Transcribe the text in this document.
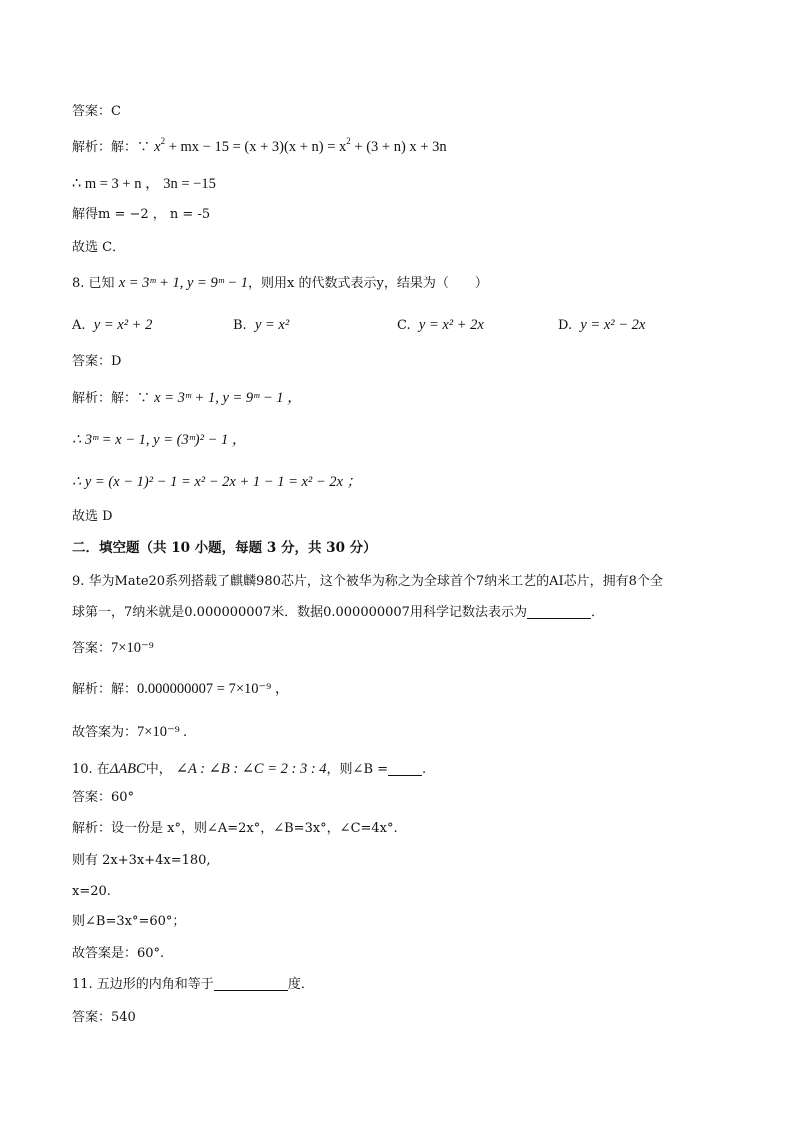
答案：C

解析：解：∵ $x^2$ + mx − $15 = (x + 3)(x + n) = x^2 + (3 + n) x + 3n$

∴ m = 3 + n ， 3n = −15

解得m = −2 ， n = -5

故选 C．

8. 已知 x = 3ᵐ + 1, y = 9ᵐ − 1，则用x 的代数式表示y，结果为（　　）

A. y = x² + 2	B. y = x²	C. y = x² + 2x	D. y = x² − 2x

答案：D

解析：解：∵ x = 3ᵐ + 1, y = 9ᵐ − 1 ，

∴ 3ᵐ = x − 1, y = (3ᵐ)² − 1 ，

∴ y = (x − 1)² − 1 = x² − 2x + 1 − 1 = x² − 2x ；

故选 D

二．填空题（共 10 小题，每题 3 分，共 30 分）

9. 华为Mate20系列搭载了麒麟980芯片，这个被华为称之为全球首个7纳米工艺的AI芯片，拥有8个全

球第一，7纳米就是0.000000007米．数据0.000000007用科学记数法表示为	．

答案：7×10⁻⁹

解析：解：0.000000007 = 7×10⁻⁹ ，

故答案为：7×10⁻⁹ .

10. 在ΔABC中， ∠A : ∠B : ∠C = 2 : 3 : 4，则∠B =	.

答案：60°

解析：设一份是 x°，则∠A=2x°，∠B=3x°，∠C=4x°.

则有 2x+3x+4x=180,

x=20.

则∠B=3x°=60°；

故答案是：60°.

11. 五边形的内角和等于	度．

答案：540
